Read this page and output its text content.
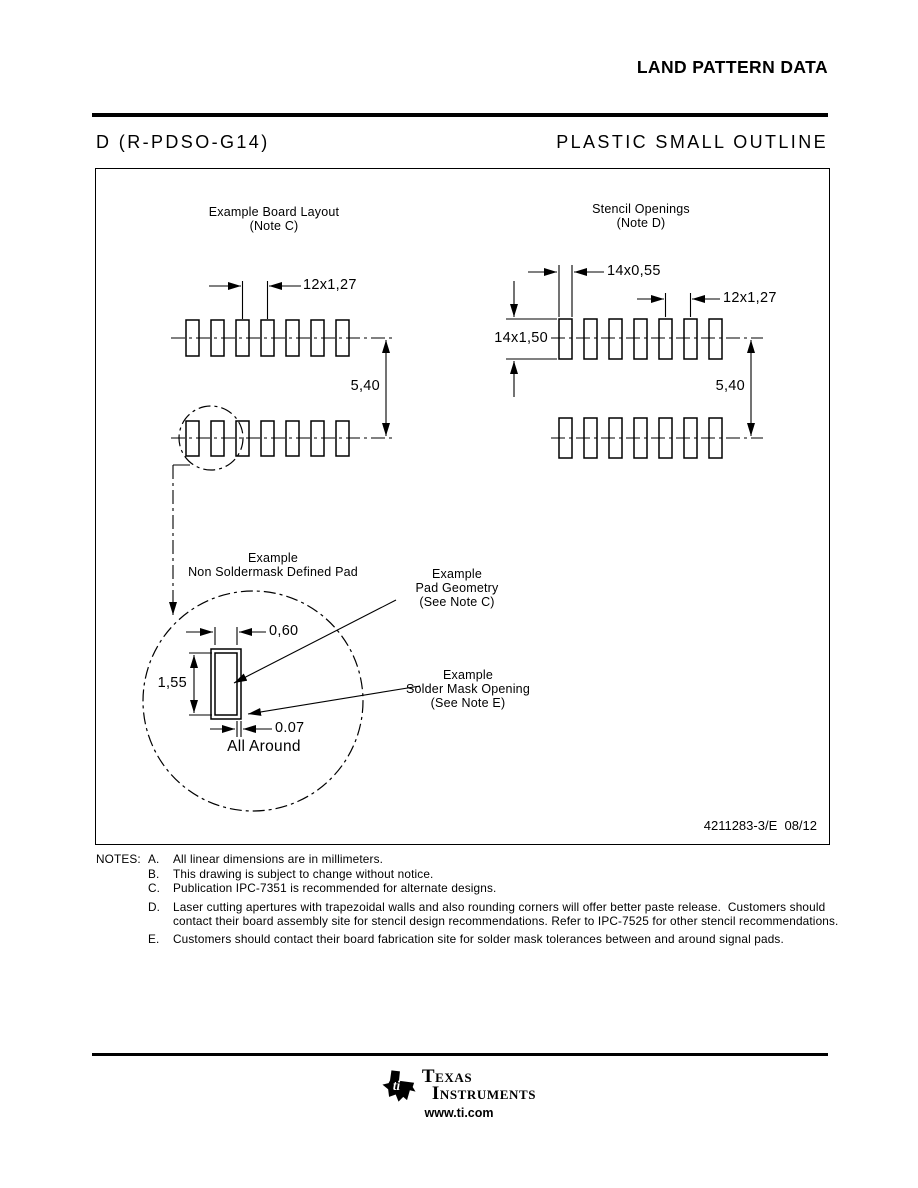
LAND PATTERN DATA
D (R-PDSO-G14)	PLASTIC SMALL OUTLINE
Example Board Layout
(Note C)
12x1,27
5,40
Stencil Openings
(Note D)
14x0,55
12x1,27
14x1,50
5,40
Example
Non Soldermask Defined Pad
0,60
1,55
0.07
All Around
Example
Pad Geometry
(See Note C)
Example
Solder Mask Opening
(See Note E)
4211283-3/E  08/12
NOTES: A.	All linear dimensions are in millimeters.
B.	This drawing is subject to change without notice.
C.	Publication IPC-7351 is recommended for alternate designs.
D.	Laser cutting apertures with trapezoidal walls and also rounding corners will offer better paste release.  Customers should contact their board assembly site for stencil design recommendations. Refer to IPC-7525 for other stencil recommendations.
E.	Customers should contact their board fabrication site for solder mask tolerances between and around signal pads.
ti Texas
Instruments
www.ti.com
